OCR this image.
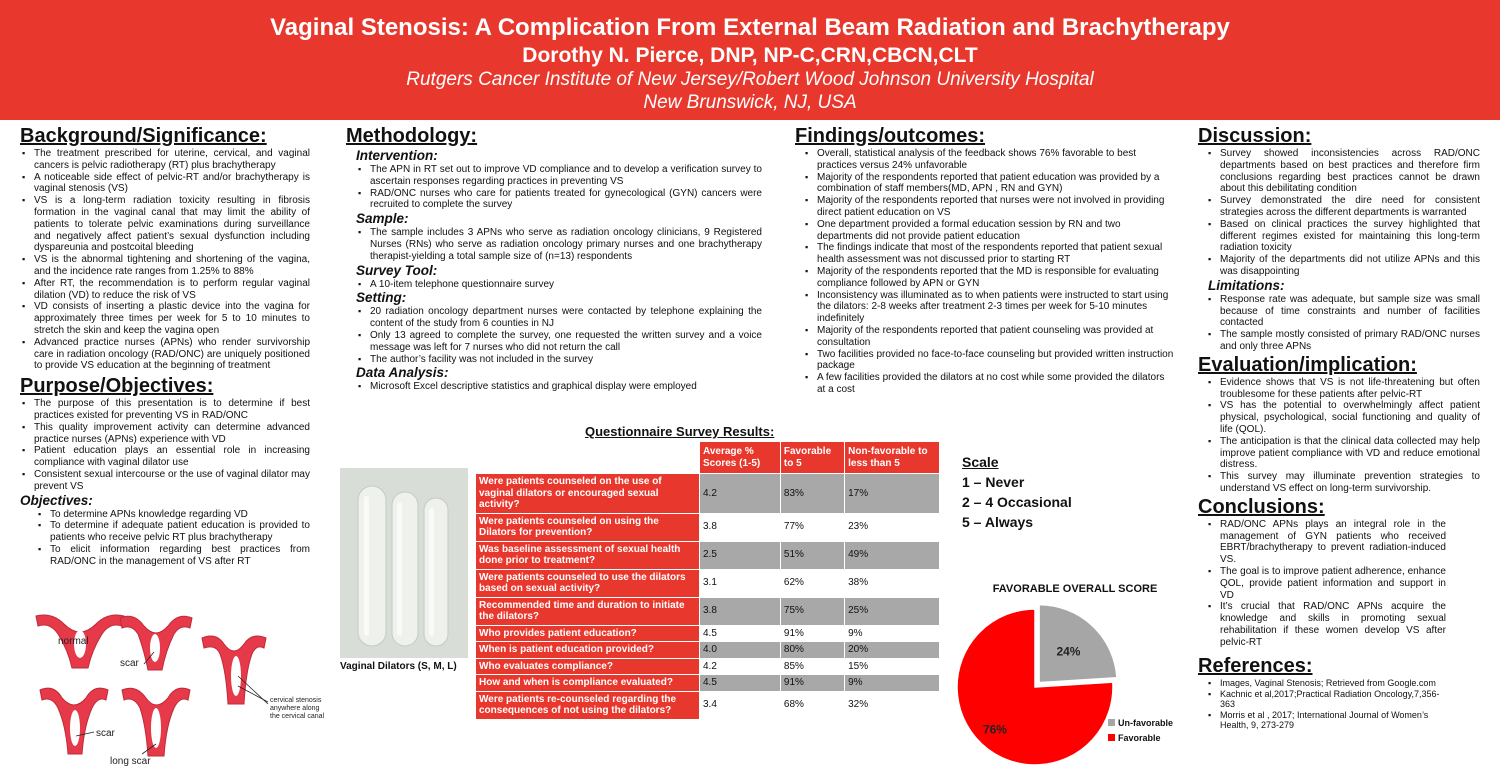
Vaginal Stenosis: A Complication From External Beam Radiation and Brachytherapy
Dorothy N. Pierce, DNP, NP-C,CRN,CBCN,CLT
Rutgers Cancer Institute of New Jersey/Robert Wood Johnson University Hospital
New Brunswick, NJ, USA
Background/Significance:
▪ The treatment prescribed for uterine, cervical, and vaginal cancers is pelvic radiotherapy (RT) plus brachytherapy
▪ A noticeable side effect of pelvic-RT and/or brachytherapy is vaginal stenosis (VS)
▪ VS is a long-term radiation toxicity resulting in fibrosis formation in the vaginal canal that may limit the ability of patients to tolerate pelvic examinations during surveillance and negatively affect patient’s sexual dysfunction including dyspareunia and postcoital bleeding
▪ VS is the abnormal tightening and shortening of the vagina, and the incidence rate ranges from 1.25% to 88%
▪ After RT, the recommendation is to perform regular vaginal dilation (VD) to reduce the risk of VS
▪ VD consists of inserting a plastic device into the vagina for approximately three times per week for 5 to 10 minutes to stretch the skin and keep the vagina open
▪ Advanced practice nurses (APNs) who render survivorship care in radiation oncology (RAD/ONC) are uniquely positioned to provide VS education at the beginning of treatment
Purpose/Objectives:
▪ The purpose of this presentation is to determine if best practices existed for preventing VS in RAD/ONC
▪ This quality improvement activity can determine advanced practice nurses (APNs) experience with VD
▪ Patient education plays an essential role in increasing compliance with vaginal dilator use
▪ Consistent sexual intercourse or the use of vaginal dilator may prevent VS
Objectives:
▪ To determine APNs knowledge regarding VD
▪ To determine if adequate patient education is provided to patients who receive pelvic RT plus brachytherapy
▪ To elicit information regarding best practices from RAD/ONC in the management of VS after RT
normal
scar
scar
long scar
cervical stenosis
anywhere along
the cervical canal
Methodology:
Intervention:
▪ The APN in RT set out to improve VD compliance and to develop a verification survey to ascertain responses regarding practices in preventing VS
▪ RAD/ONC nurses who care for patients treated for gynecological (GYN) cancers were recruited to complete the survey
Sample:
▪ The sample includes 3 APNs who serve as radiation oncology clinicians, 9 Registered Nurses (RNs) who serve as radiation oncology primary nurses and one brachytherapy therapist-yielding a total sample size of (n=13) respondents
Survey Tool:
▪ A 10-item telephone questionnaire survey
Setting:
▪ 20 radiation oncology department nurses were contacted by telephone explaining the content of the study from 6 counties in NJ
▪ Only 13 agreed to complete the survey, one requested the written survey and a voice message was left for 7 nurses who did not return the call
▪ The author’s facility was not included in the survey
Data Analysis:
▪ Microsoft Excel descriptive statistics and graphical display were employed
Vaginal Dilators (S, M, L)
Questionnaire Survey Results:
	Average % Scores (1-5)	Favorable to 5	Non-favorable to less than 5
Were patients counseled on the use of vaginal dilators or encouraged sexual activity?	4.2	83%	17%
Were patients counseled on using the Dilators for prevention?	3.8	77%	23%
Was baseline assessment of sexual health done prior to treatment?	2.5	51%	49%
Were patients counseled to use the dilators based on sexual activity?	3.1	62%	38%
Recommended time and duration to initiate the dilators?	3.8	75%	25%
Who provides patient education?	4.5	91%	9%
When is patient education provided?	4.0	80%	20%
Who evaluates compliance?	4.2	85%	15%
How and when is compliance evaluated?	4.5	91%	9%
Were patients re-counseled regarding the consequences of not using the dilators?	3.4	68%	32%
Scale
1 – Never
2 – 4 Occasional
5 – Always
FAVORABLE OVERALL SCORE
24%
76%	Un-favorable
Favorable
Findings/outcomes:
▪ Overall, statistical analysis of the feedback shows 76% favorable to best practices versus 24% unfavorable
▪ Majority of the respondents reported that patient education was provided by a combination of staff members(MD, APN , RN and GYN)
▪ Majority of the respondents reported that nurses were not involved in providing direct patient education on VS
▪ One department provided a formal education session by RN and two departments did not provide patient education
▪ The findings indicate that most of the respondents reported that patient sexual health assessment was not discussed prior to starting RT
▪ Majority of the respondents reported that the MD is responsible for evaluating compliance followed by APN or GYN
▪ Inconsistency was illuminated as to when patients were instructed to start using the dilators: 2-8 weeks after treatment 2-3 times per week for 5-10 minutes indefinitely
▪ Majority of the respondents reported that patient counseling was provided at consultation
▪ Two facilities provided no face-to-face counseling but provided written instruction package
▪ A few facilities provided the dilators at no cost while some provided the dilators at a cost
Discussion:
▪ Survey showed inconsistencies across RAD/ONC departments based on best practices and therefore firm conclusions regarding best practices cannot be drawn about this debilitating condition
▪ Survey demonstrated the dire need for consistent strategies across the different departments is warranted
▪ Based on clinical practices the survey highlighted that different regimes existed for maintaining this long-term radiation toxicity
▪ Majority of the departments did not utilize APNs and this was disappointing
Limitations:
▪ Response rate was adequate, but sample size was small because of time constraints and number of facilities contacted
▪ The sample mostly consisted of primary RAD/ONC nurses and only three APNs
Evaluation/implication:
▪ Evidence shows that VS is not life-threatening but often troublesome for these patients after pelvic-RT
▪ VS has the potential to overwhelmingly affect patient physical, psychological, social functioning and quality of life (QOL).
▪ The anticipation is that the clinical data collected may help improve patient compliance with VD and reduce emotional distress.
▪ This survey may illuminate prevention strategies to understand VS effect on long-term survivorship.
Conclusions:
▪ RAD/ONC APNs plays an integral role in the management of GYN patients who received EBRT/brachytherapy to prevent radiation-induced VS.
▪ The goal is to improve patient adherence, enhance QOL, provide patient information and support in VD
▪ It’s crucial that RAD/ONC APNs acquire the knowledge and skills in promoting sexual rehabilitation if these women develop VS after pelvic-RT
References:
▪ Images, Vaginal Stenosis; Retrieved from Google.com
▪ Kachnic et al,2017;Practical Radiation Oncology,7,356-363
▪ Morris et al , 2017; International Journal of Women’s Health, 9, 273-279
